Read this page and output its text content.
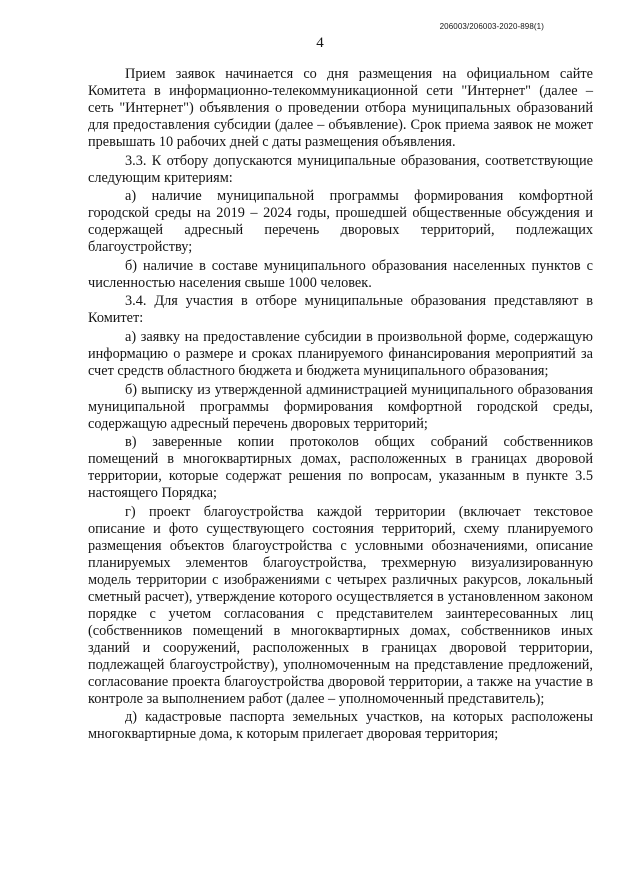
206003/206003-2020-898(1)
4

Прием заявок начинается со дня размещения на официальном сайте Комитета в информационно-телекоммуникационной сети "Интернет" (далее – сеть "Интернет") объявления о проведении отбора муниципальных образований для предоставления субсидии (далее – объявление). Срок приема заявок не может превышать 10 рабочих дней с даты размещения объявления.

3.3. К отбору допускаются муниципальные образования, соответствующие следующим критериям:

а) наличие муниципальной программы формирования комфортной городской среды на 2019 – 2024 годы, прошедшей общественные обсуждения и содержащей адресный перечень дворовых территорий, подлежащих благоустройству;

б) наличие в составе муниципального образования населенных пунктов с численностью населения свыше 1000 человек.

3.4. Для участия в отборе муниципальные образования представляют в Комитет:

а) заявку на предоставление субсидии в произвольной форме, содержащую информацию о размере и сроках планируемого финансирования мероприятий за счет средств областного бюджета и бюджета муниципального образования;

б) выписку из утвержденной администрацией муниципального образования муниципальной программы формирования комфортной городской среды, содержащую адресный перечень дворовых территорий;

в) заверенные копии протоколов общих собраний собственников помещений в многоквартирных домах, расположенных в границах дворовой территории, которые содержат решения по вопросам, указанным в пункте 3.5 настоящего Порядка;

г) проект благоустройства каждой территории (включает текстовое описание и фото существующего состояния территорий, схему планируемого размещения объектов благоустройства с условными обозначениями, описание планируемых элементов благоустройства, трехмерную визуализированную модель территории с изображениями с четырех различных ракурсов, локальный сметный расчет), утверждение которого осуществляется в установленном законом порядке с учетом согласования с представителем заинтересованных лиц (собственников помещений в многоквартирных домах, собственников иных зданий и сооружений, расположенных в границах дворовой территории, подлежащей благоустройству), уполномоченным на представление предложений, согласование проекта благоустройства дворовой территории, а также на участие в контроле за выполнением работ (далее – уполномоченный представитель);

д) кадастровые паспорта земельных участков, на которых расположены многоквартирные дома, к которым прилегает дворовая территория;
